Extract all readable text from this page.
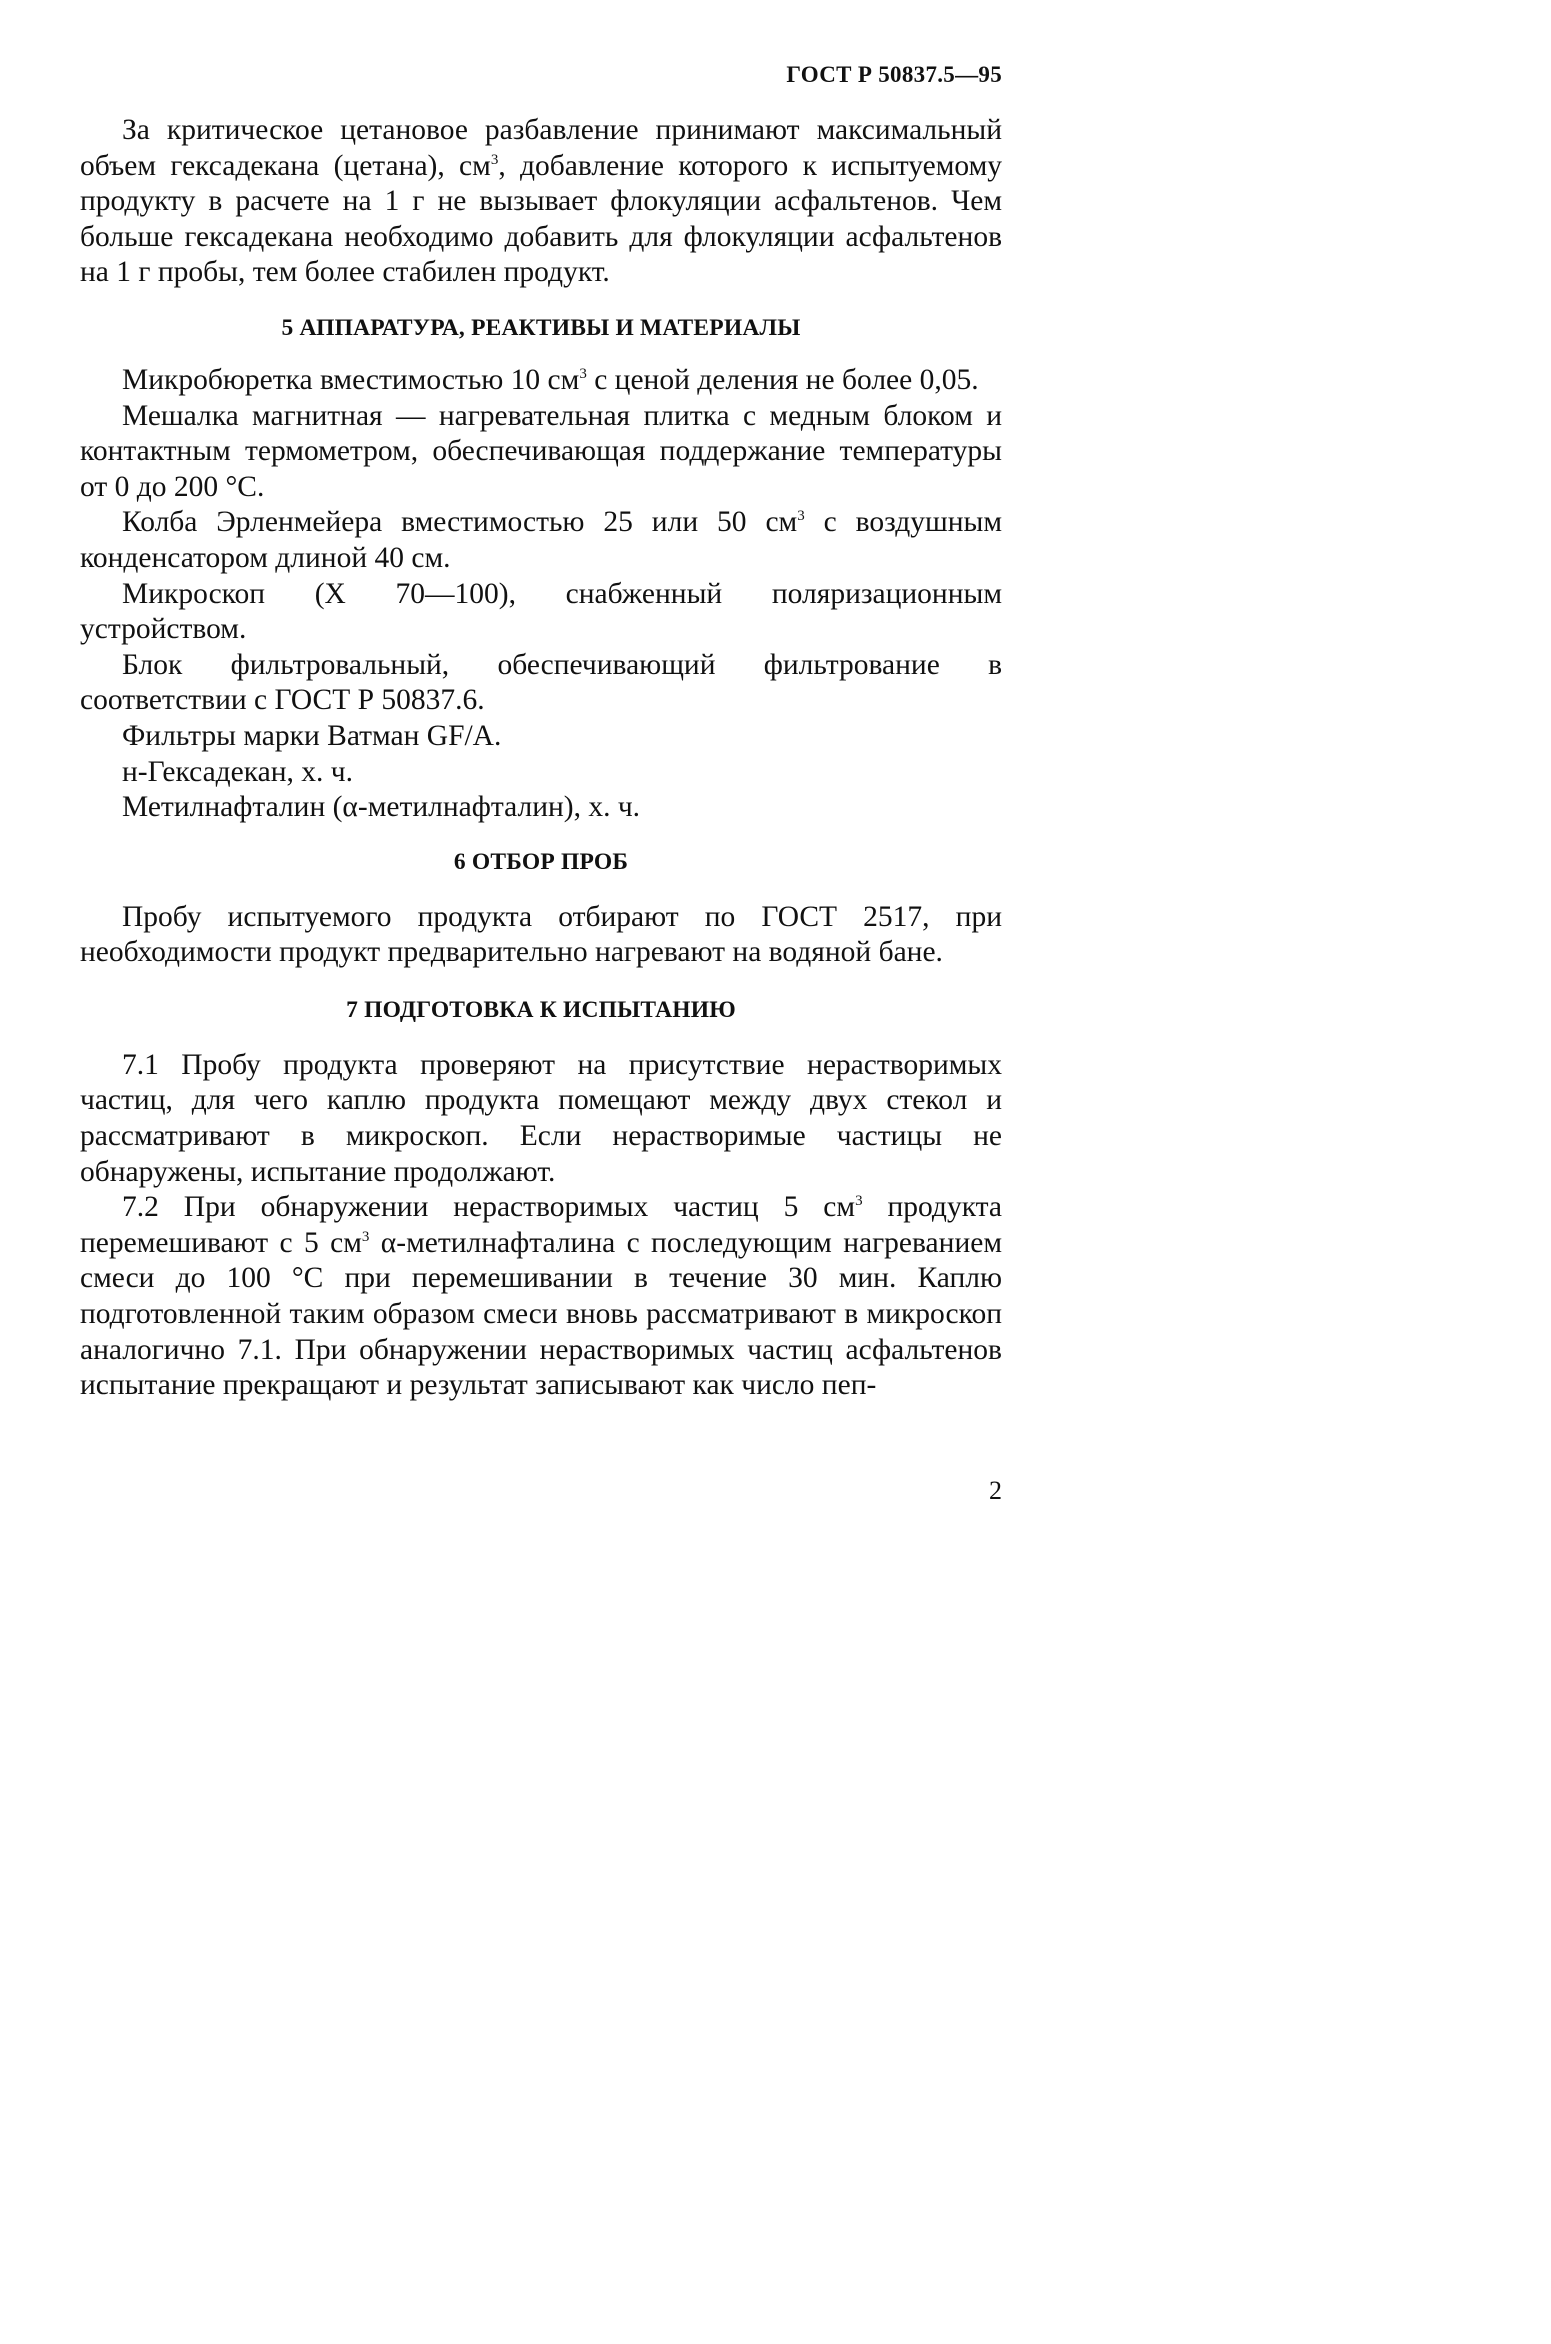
ГОСТ Р 50837.5—95

За критическое цетановое разбавление принимают максимальный объем гексадекана (цетана), $см^3$, добавление которого к испытуемому продукту в расчете на 1 г не вызывает флокуляции асфальтенов. Чем больше гексадекана необходимо добавить для флокуляции асфальтенов на 1 г пробы, тем более стабилен продукт.

5 АППАРАТУРА, РЕАКТИВЫ И МАТЕРИАЛЫ

Микробюретка вместимостью 10 $см^3$ с ценой деления не более 0,05.

Мешалка магнитная — нагревательная плитка с медным блоком и контактным термометром, обеспечивающая поддержание температуры от 0 до 200 °С.

Колба Эрленмейера вместимостью 25 или 50 $см^3$ с воздушным конденсатором длиной 40 см.

Микроскоп (Х 70—100), снабженный поляризационным устройством.

Блок фильтровальный, обеспечивающий фильтрование в соответствии с ГОСТ Р 50837.6.

Фильтры марки Ватман GF/A.

н-Гексадекан, х. ч.

Метилнафталин (α-метилнафталин), х. ч.

6 ОТБОР ПРОБ

Пробу испытуемого продукта отбирают по ГОСТ 2517, при необходимости продукт предварительно нагревают на водяной бане.

7 ПОДГОТОВКА К ИСПЫТАНИЮ

7.1 Пробу продукта проверяют на присутствие нерастворимых частиц, для чего каплю продукта помещают между двух стекол и рассматривают в микроскоп. Если нерастворимые частицы не обнаружены, испытание продолжают.

7.2 При обнаружении нерастворимых частиц 5 $см^3$ продукта перемешивают с 5 $см^3$ α-метилнафталина с последующим нагреванием смеси до 100 °С при перемешивании в течение 30 мин. Каплю подготовленной таким образом смеси вновь рассматривают в микроскоп аналогично 7.1. При обнаружении нерастворимых частиц асфальтенов испытание прекращают и результат записывают как число пеп-

2
